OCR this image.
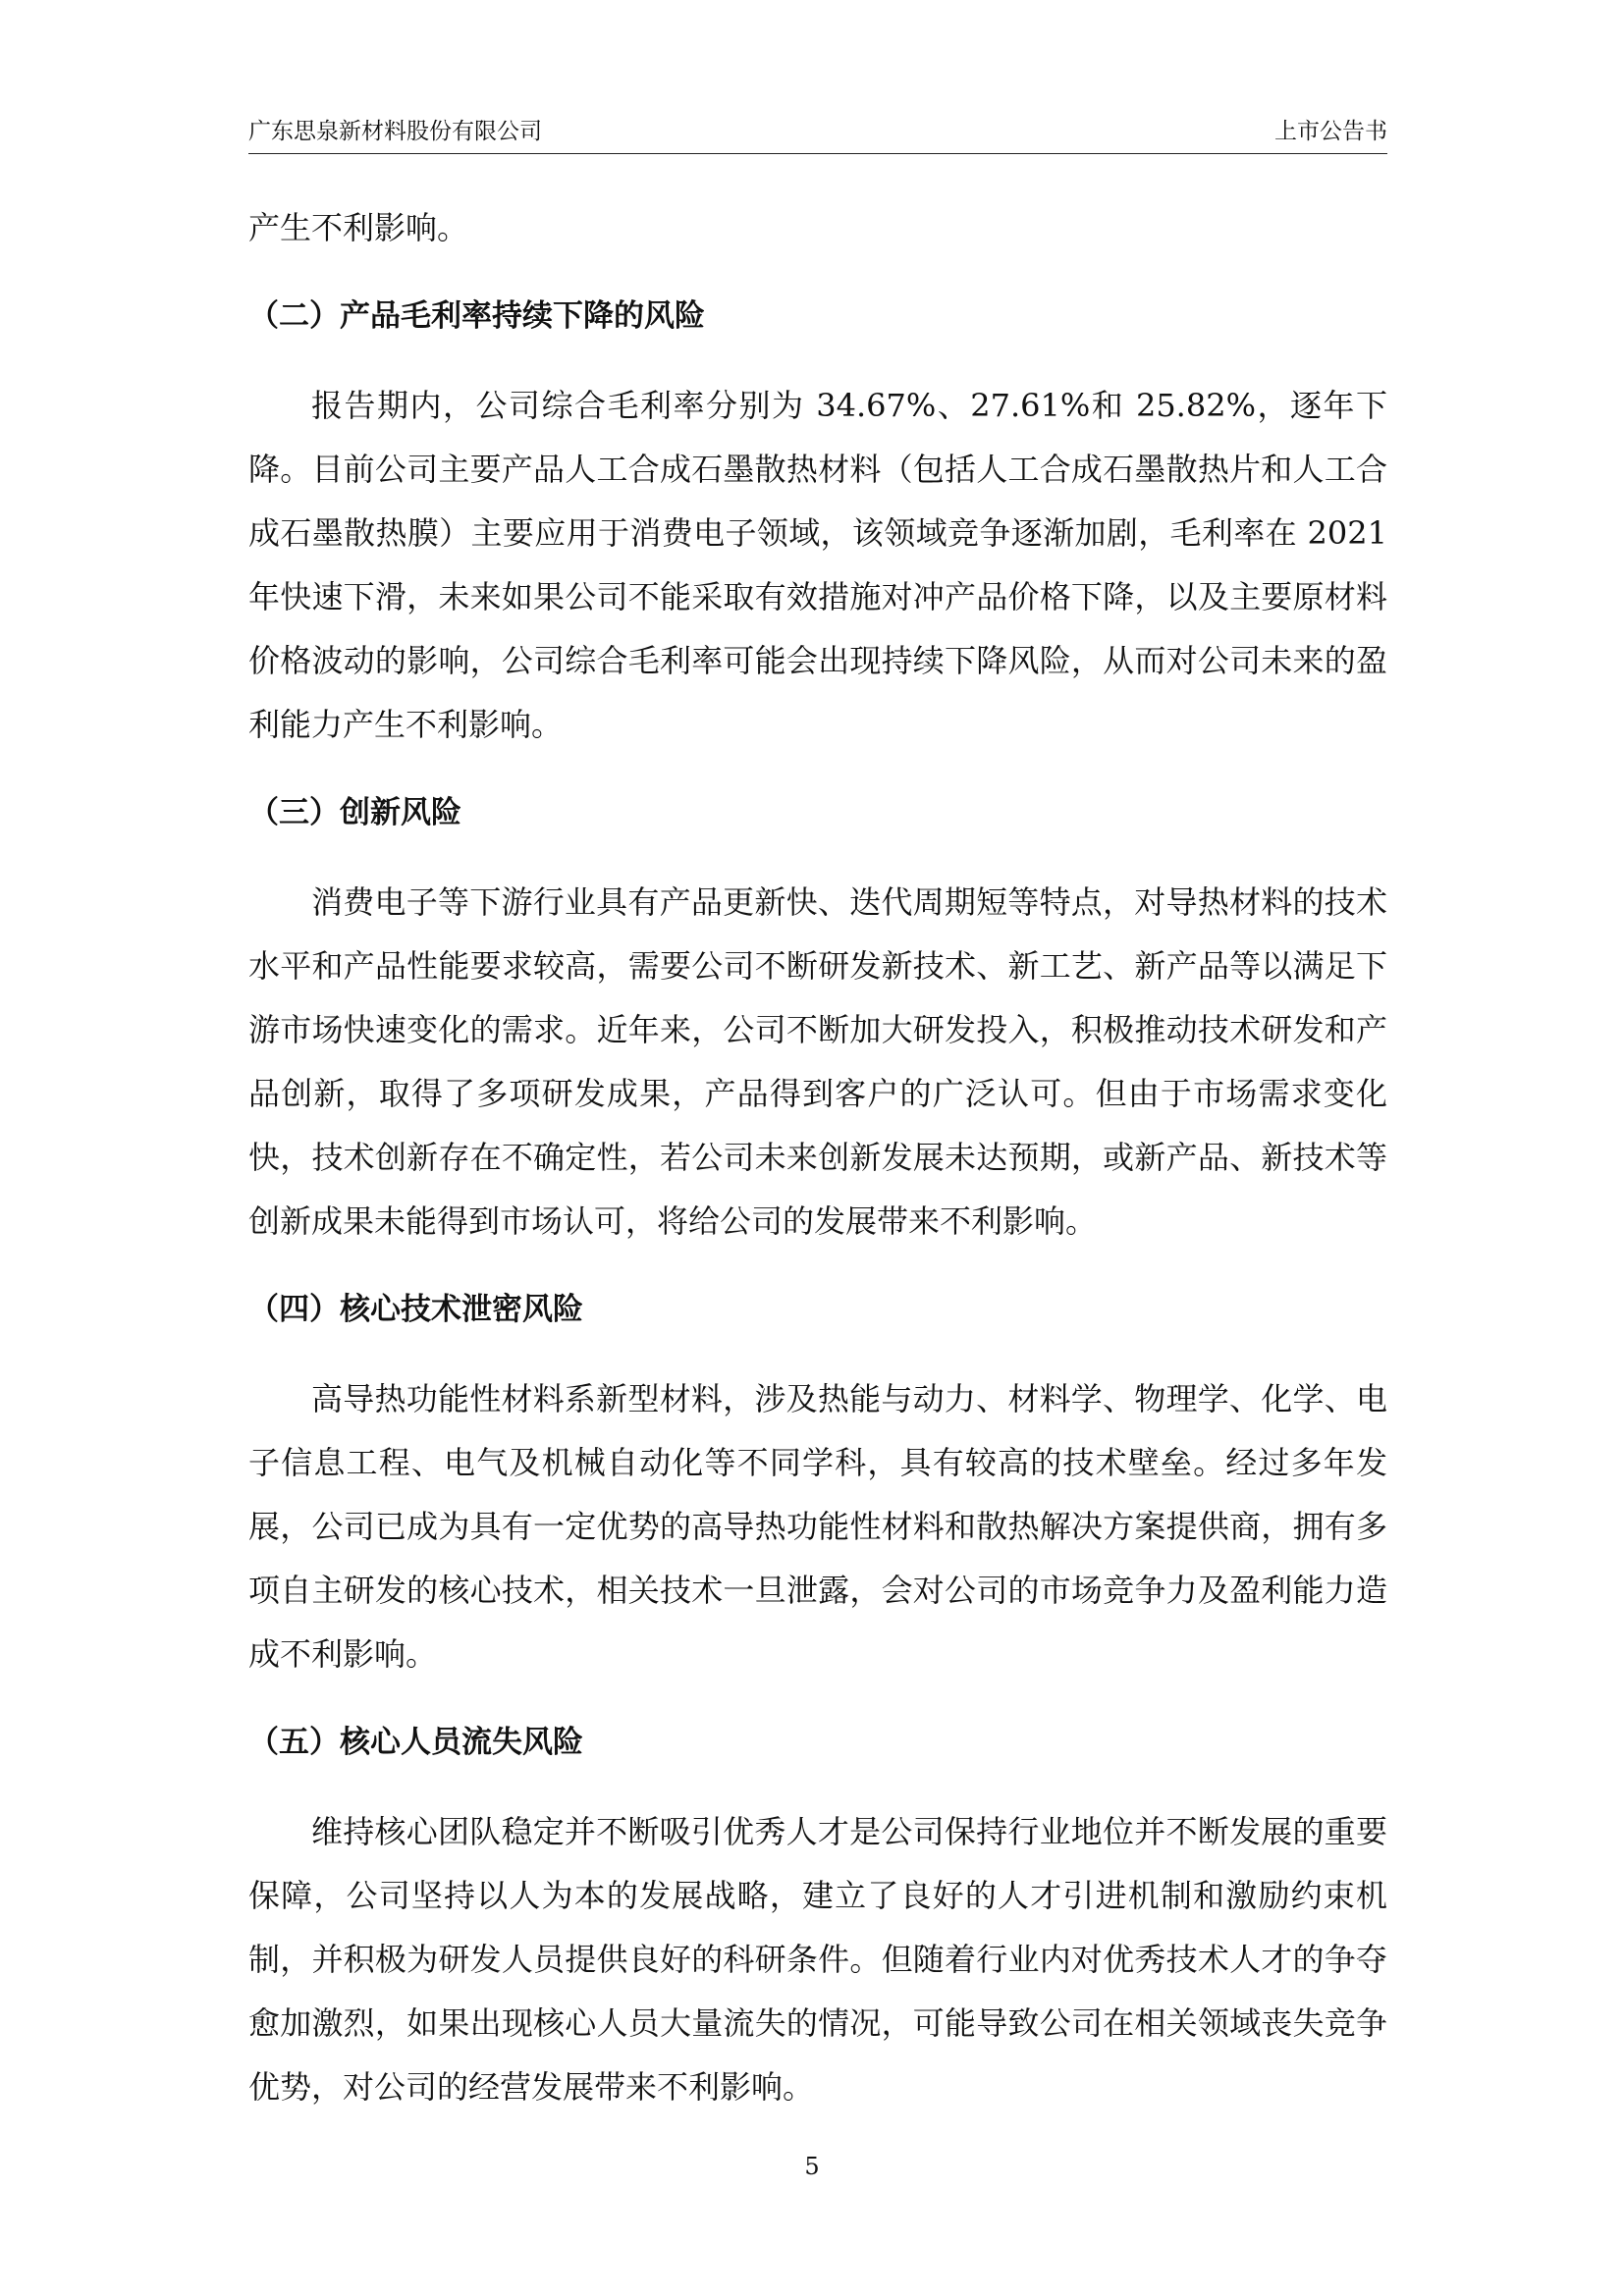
广东思泉新材料股份有限公司	上市公告书

产生不利影响。

（二）产品毛利率持续下降的风险

报告期内，公司综合毛利率分别为 34.67%、27.61%和 25.82%，逐年下降。目前公司主要产品人工合成石墨散热材料（包括人工合成石墨散热片和人工合成石墨散热膜）主要应用于消费电子领域，该领域竞争逐渐加剧，毛利率在 2021 年快速下滑，未来如果公司不能采取有效措施对冲产品价格下降，以及主要原材料价格波动的影响，公司综合毛利率可能会出现持续下降风险，从而对公司未来的盈利能力产生不利影响。

（三）创新风险

消费电子等下游行业具有产品更新快、迭代周期短等特点，对导热材料的技术水平和产品性能要求较高，需要公司不断研发新技术、新工艺、新产品等以满足下游市场快速变化的需求。近年来，公司不断加大研发投入，积极推动技术研发和产品创新，取得了多项研发成果，产品得到客户的广泛认可。但由于市场需求变化快，技术创新存在不确定性，若公司未来创新发展未达预期，或新产品、新技术等创新成果未能得到市场认可，将给公司的发展带来不利影响。

（四）核心技术泄密风险

高导热功能性材料系新型材料，涉及热能与动力、材料学、物理学、化学、电子信息工程、电气及机械自动化等不同学科，具有较高的技术壁垒。经过多年发展，公司已成为具有一定优势的高导热功能性材料和散热解决方案提供商，拥有多项自主研发的核心技术，相关技术一旦泄露，会对公司的市场竞争力及盈利能力造成不利影响。

（五）核心人员流失风险

维持核心团队稳定并不断吸引优秀人才是公司保持行业地位并不断发展的重要保障，公司坚持以人为本的发展战略，建立了良好的人才引进机制和激励约束机制，并积极为研发人员提供良好的科研条件。但随着行业内对优秀技术人才的争夺愈加激烈，如果出现核心人员大量流失的情况，可能导致公司在相关领域丧失竞争优势，对公司的经营发展带来不利影响。

5
